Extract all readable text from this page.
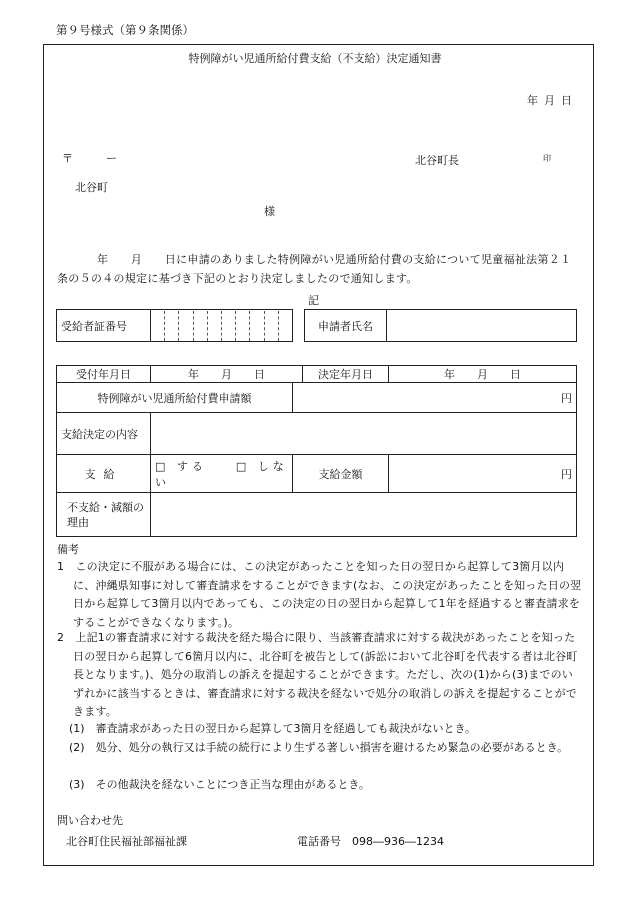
第９号様式（第９条関係）
特例障がい児通所給付費支給（不支給）決定通知書
年月日
〒　　　ー
北谷町
北谷町長	印
様
年　　月　　日に申請のありました特例障がい児通所給付費の支給について児童福祉法第２１条の５の４の規定に基づき下記のとおり決定しましたので通知します。
記
受給者証番号			申請者氏名	
受付年月日	年　　月　　日		決定年月日	年　　月　　日
特例障がい児通所給付費申請額		円		
支給決定の内容				
支給	□ する □ しない	支給金額		円
不支給・減額の理由				
備考
1　この決定に不服がある場合には、この決定があったことを知った日の翌日から起算して3箇月以内に、沖縄県知事に対して審査請求をすることができます(なお、この決定があったことを知った日の翌日から起算して3箇月以内であっても、この決定の日の翌日から起算して1年を経過すると審査請求をすることができなくなります。)。
2　上記1の審査請求に対する裁決を経た場合に限り、当該審査請求に対する裁決があったことを知った日の翌日から起算して6箇月以内に、北谷町を被告として(訴訟において北谷町を代表する者は北谷町長となります。)、処分の取消しの訴えを提起することができます。ただし、次の(1)から(3)までのいずれかに該当するときは、審査請求に対する裁決を経ないで処分の取消しの訴えを提起することができます。
(1)　審査請求があった日の翌日から起算して3箇月を経過しても裁決がないとき。
(2)　処分、処分の執行又は手続の続行により生ずる著しい損害を避けるため緊急の必要があるとき。
(3)　その他裁決を経ないことにつき正当な理由があるとき。
問い合わせ先
北谷町住民福祉部福祉課	電話番号　098―936―1234
